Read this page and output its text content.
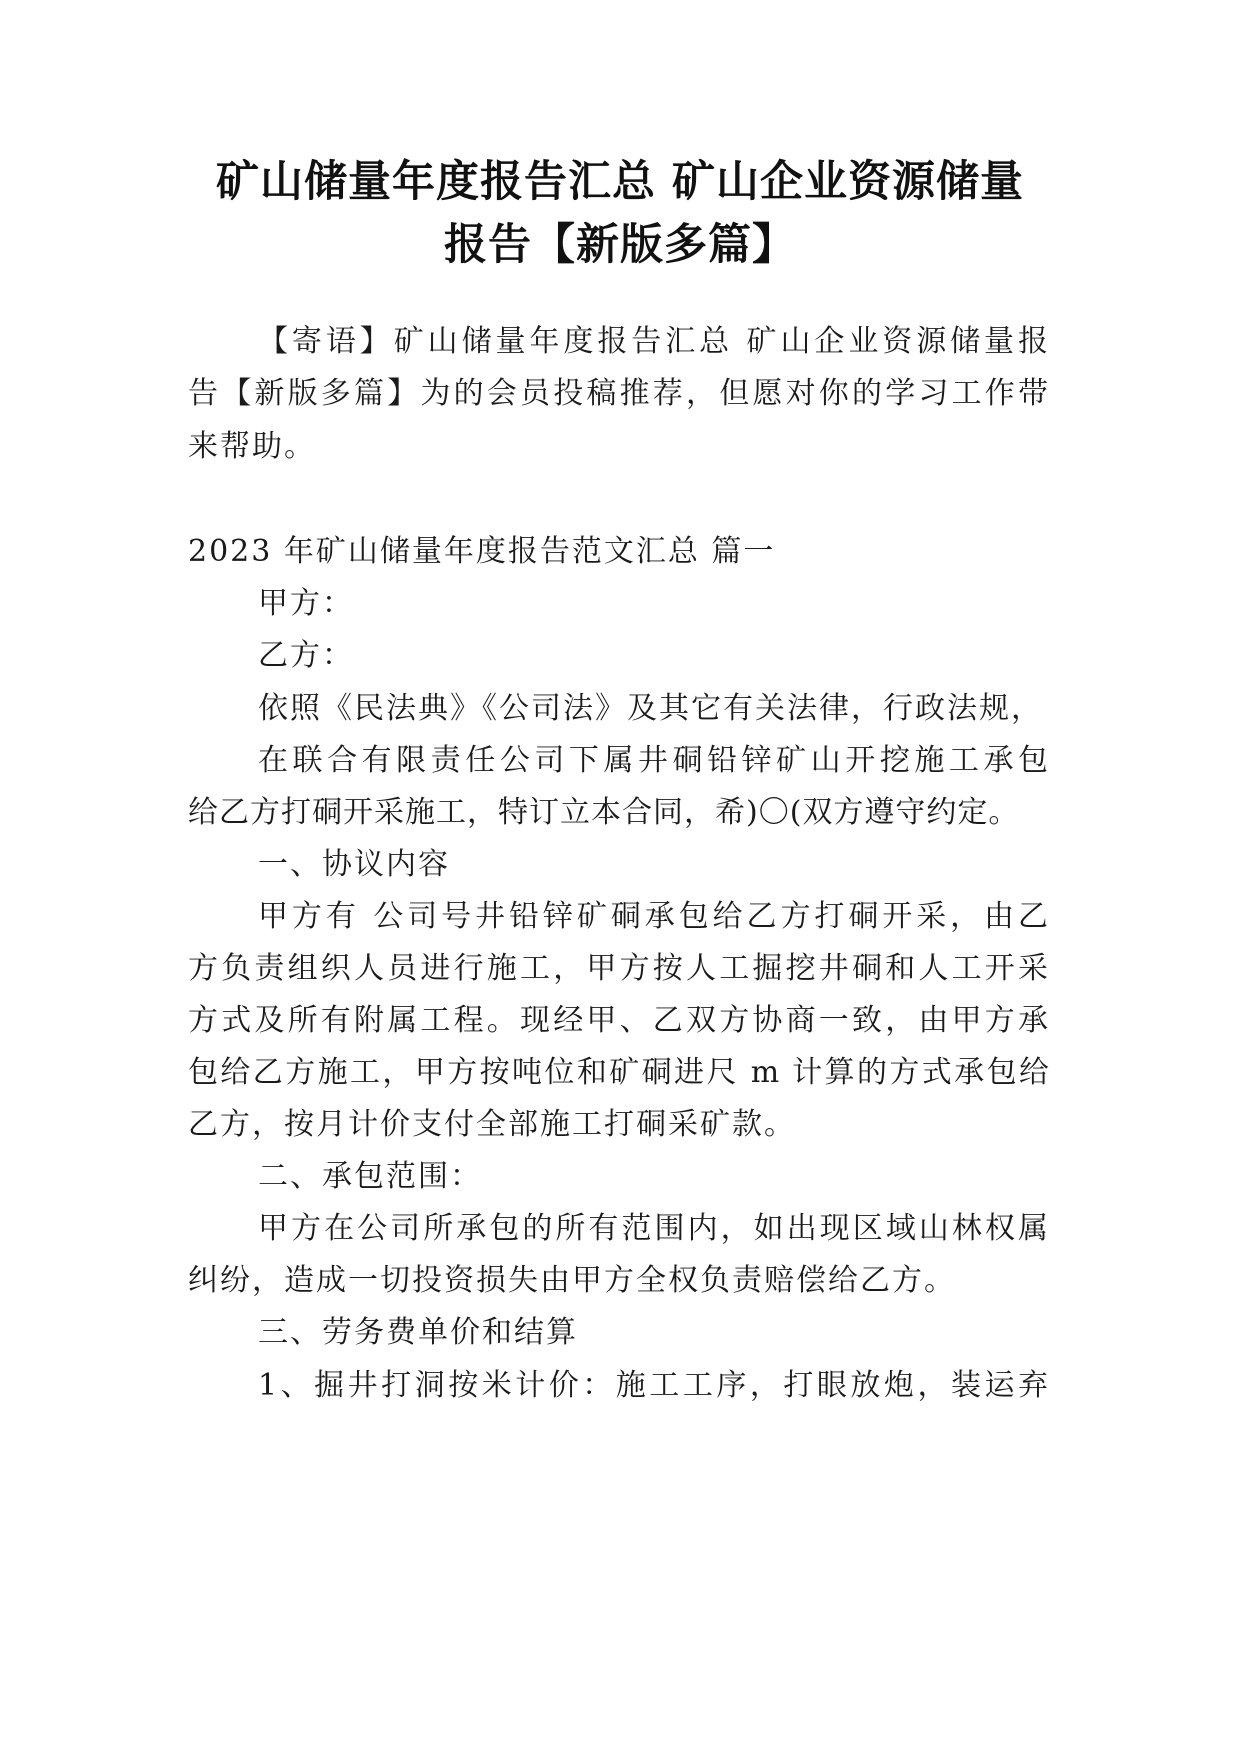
矿山储量年度报告汇总 矿山企业资源储量
报告【新版多篇】
【寄语】矿山储量年度报告汇总 矿山企业资源储量报
告【新版多篇】为的会员投稿推荐，但愿对你的学习工作带
来帮助。
2023 年矿山储量年度报告范文汇总 篇一
甲方：
乙方：
依照《民法典》《公司法》及其它有关法律，行政法规，
在联合有限责任公司下属井硐铅锌矿山开挖施工承包
给乙方打硐开采施工，特订立本合同，希)〇(双方遵守约定。
一、协议内容
甲方有 公司号井铅锌矿硐承包给乙方打硐开采，由乙
方负责组织人员进行施工，甲方按人工掘挖井硐和人工开采
方式及所有附属工程。现经甲、乙双方协商一致，由甲方承
包给乙方施工，甲方按吨位和矿硐进尺 m 计算的方式承包给
乙方，按月计价支付全部施工打硐采矿款。
二、承包范围：
甲方在公司所承包的所有范围内，如出现区域山林权属
纠纷，造成一切投资损失由甲方全权负责赔偿给乙方。
三、劳务费单价和结算
1、掘井打洞按米计价：施工工序，打眼放炮，装运弃
